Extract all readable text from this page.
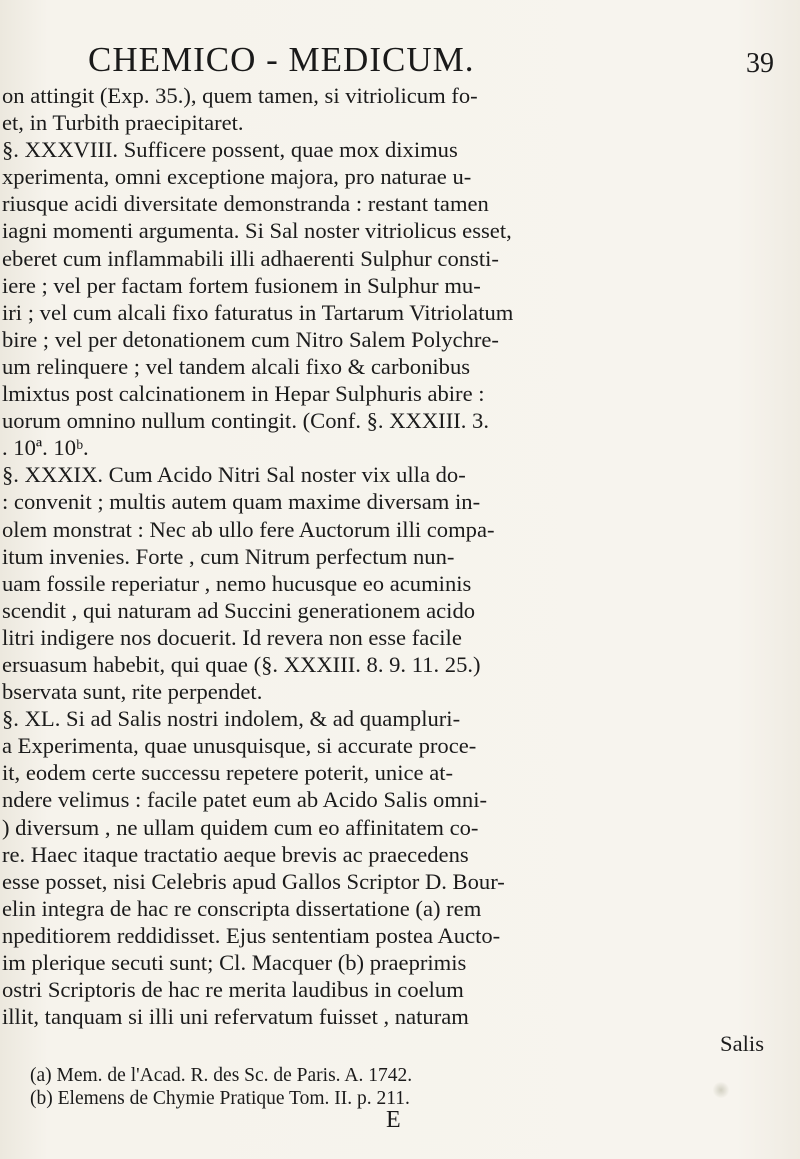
CHEMICO - MEDICUM.	39
on attingit (Exp. 35.), quem tamen, si vitriolicum fo-
et, in Turbith praecipitaret.
§. XXXVIII. Sufficere possent, quae mox diximus
xperimenta, omni exceptione majora, pro naturae u-
riusque acidi diversitate demonstranda : restant tamen
iagni momenti argumenta. Si Sal noster vitriolicus esset,
eberet cum inflammabili illi adhaerenti Sulphur consti-
iere ; vel per factam fortem fusionem in Sulphur mu-
iri ; vel cum alcali fixo faturatus in Tartarum Vitriolatum
bire ; vel per detonationem cum Nitro Salem Polychre-
um relinquere ; vel tandem alcali fixo & carbonibus
lmixtus post calcinationem in Hepar Sulphuris abire :
uorum omnino nullum contingit. (Conf. §. XXXIII. 3.
. 10ª. 10ᵇ.
§. XXXIX. Cum Acido Nitri Sal noster vix ulla do-
: convenit ; multis autem quam maxime diversam in-
olem monstrat : Nec ab ullo fere Auctorum illi compa-
itum invenies. Forte , cum Nitrum perfectum nun-
uam fossile reperiatur , nemo hucusque eo acuminis
scendit , qui naturam ad Succini generationem acido
litri indigere nos docuerit. Id revera non esse facile
ersuasum habebit, qui quae (§. XXXIII. 8. 9. 11. 25.)
bservata sunt, rite perpendet.
§. XL. Si ad Salis nostri indolem, & ad quampluri-
a Experimenta, quae unusquisque, si accurate proce-
it, eodem certe successu repetere poterit, unice at-
ndere velimus : facile patet eum ab Acido Salis omni-
) diversum , ne ullam quidem cum eo affinitatem co-
re. Haec itaque tractatio aeque brevis ac praecedens
esse posset, nisi Celebris apud Gallos Scriptor D. Bour-
elin integra de hac re conscripta dissertatione (a) rem
npeditiorem reddidisset. Ejus sententiam postea Aucto-
im plerique secuti sunt; Cl. Macquer (b) praeprimis
ostri Scriptoris de hac re merita laudibus in coelum
illit, tanquam si illi uni refervatum fuisset , naturam
Salis
(a) Mem. de l'Acad. R. des Sc. de Paris. A. 1742.
(b) Elemens de Chymie Pratique Tom. II. p. 211.
E
